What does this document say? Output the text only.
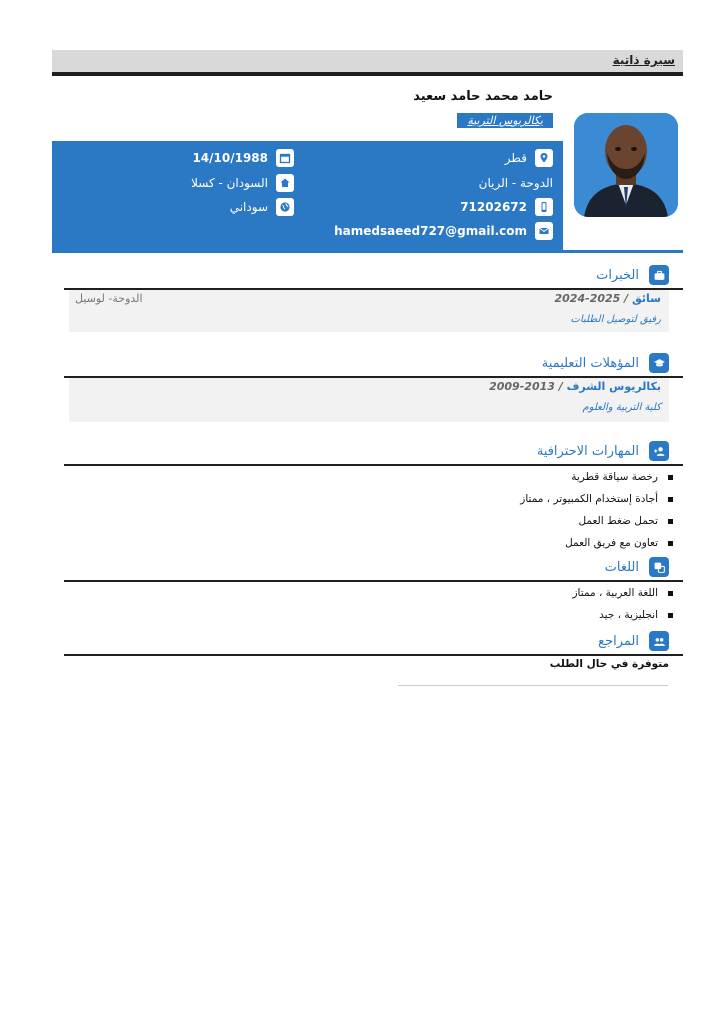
سيرة ذاتية
حامد محمد حامد سعيد
بكالريوس التربية
قطر
الدوحة - الريان
71202672
hamedsaeed727@gmail.com
14/10/1988
السودان - كسلا
سوداني
الخبرات
سائق / 2025-2024
رفيق لتوصيل الطلبات
الدوحة- لوسيل
المؤهلات التعليمية
بكالريوس الشرف / 2013-2009
كلية التربية والعلوم
المهارات الاحترافية
رخصة سياقة قطرية
أجادة إستخدام الكمبيوتر ، ممتاز
تحمل ضغط العمل
تعاون مع فريق العمل
اللغات
اللغة العربية ، ممتاز
انجليزية ، جيد
المراجع
متوفرة في حال الطلب
